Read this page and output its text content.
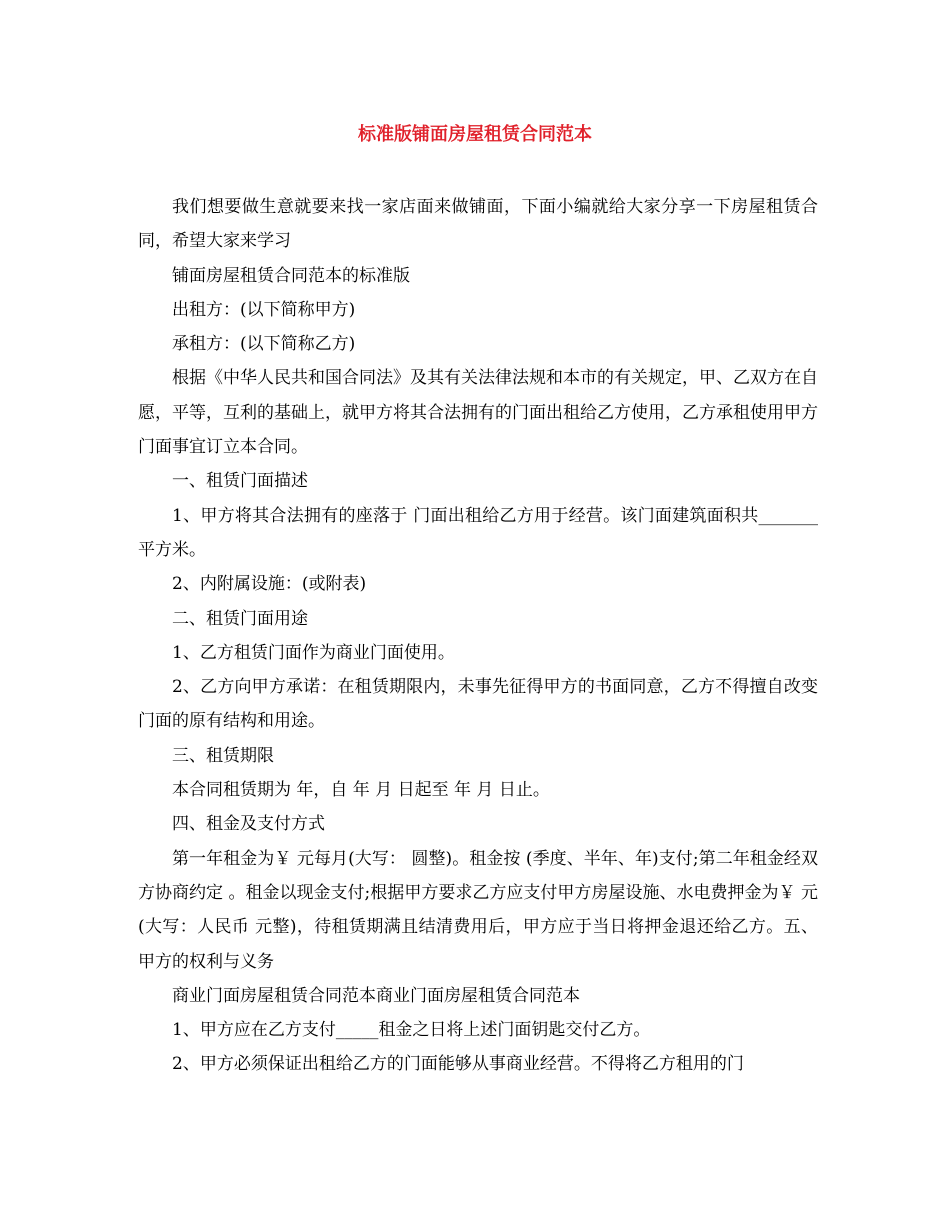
标准版铺面房屋租赁合同范本

我们想要做生意就要来找一家店面来做铺面，下面小编就给大家分享一下房屋租赁合同，希望大家来学习

铺面房屋租赁合同范本的标准版

出租方：(以下简称甲方)

承租方：(以下简称乙方)

根据《中华人民共和国合同法》及其有关法律法规和本市的有关规定，甲、乙双方在自愿，平等，互利的基础上，就甲方将其合法拥有的门面出租给乙方使用，乙方承租使用甲方门面事宜订立本合同。

一、租赁门面描述

1、甲方将其合法拥有的座落于 门面出租给乙方用于经营。该门面建筑面积共_______平方米。

2、内附属设施：(或附表)

二、租赁门面用途

1、乙方租赁门面作为商业门面使用。

2、乙方向甲方承诺：在租赁期限内，未事先征得甲方的书面同意，乙方不得擅自改变门面的原有结构和用途。

三、租赁期限

本合同租赁期为 年，自 年 月 日起至 年 月 日止。

四、租金及支付方式

第一年租金为￥ 元每月(大写： 圆整)。租金按 (季度、半年、年)支付;第二年租金经双方协商约定 。租金以现金支付;根据甲方要求乙方应支付甲方房屋设施、水电费押金为￥ 元(大写：人民币 元整)，待租赁期满且结清费用后，甲方应于当日将押金退还给乙方。五、甲方的权利与义务

商业门面房屋租赁合同范本商业门面房屋租赁合同范本

1、甲方应在乙方支付_____租金之日将上述门面钥匙交付乙方。

2、甲方必须保证出租给乙方的门面能够从事商业经营。不得将乙方租用的门
